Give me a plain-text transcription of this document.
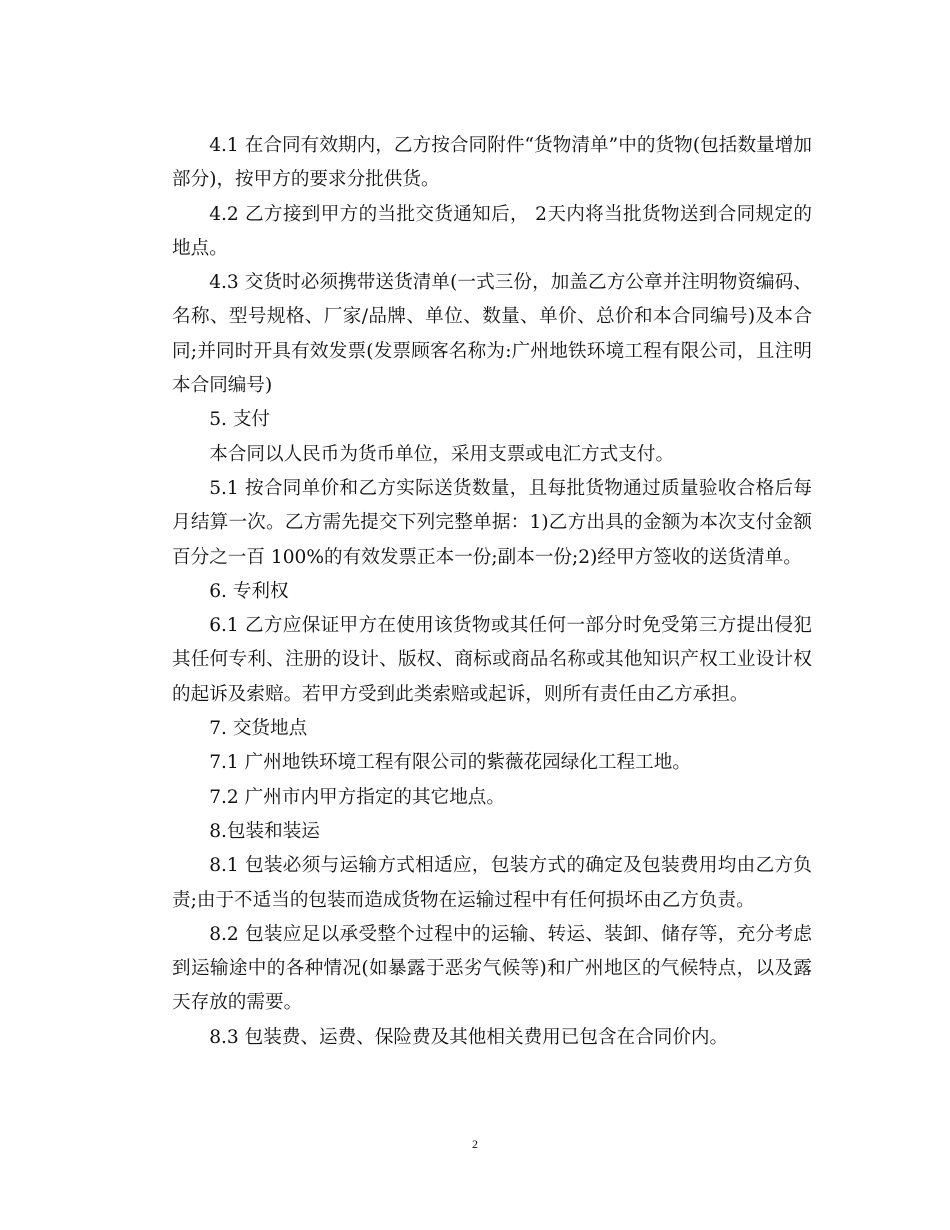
4.1 在合同有效期内，乙方按合同附件“货物清单”中的货物(包括数量增加部分)，按甲方的要求分批供货。

4.2 乙方接到甲方的当批交货通知后， 2天内将当批货物送到合同规定的地点。

4.3 交货时必须携带送货清单(一式三份，加盖乙方公章并注明物资编码、名称、型号规格、厂家/品牌、单位、数量、单价、总价和本合同编号)及本合同;并同时开具有效发票(发票顾客名称为:广州地铁环境工程有限公司，且注明本合同编号)

5. 支付

本合同以人民币为货币单位，采用支票或电汇方式支付。

5.1 按合同单价和乙方实际送货数量，且每批货物通过质量验收合格后每月结算一次。乙方需先提交下列完整单据：1)乙方出具的金额为本次支付金额百分之一百 100%的有效发票正本一份;副本一份;2)经甲方签收的送货清单。

6. 专利权

6.1 乙方应保证甲方在使用该货物或其任何一部分时免受第三方提出侵犯其任何专利、注册的设计、版权、商标或商品名称或其他知识产权工业设计权的起诉及索赔。若甲方受到此类索赔或起诉，则所有责任由乙方承担。

7. 交货地点

7.1 广州地铁环境工程有限公司的紫薇花园绿化工程工地。

7.2 广州市内甲方指定的其它地点。

8.包装和装运

8.1 包装必须与运输方式相适应，包装方式的确定及包装费用均由乙方负责;由于不适当的包装而造成货物在运输过程中有任何损坏由乙方负责。

8.2 包装应足以承受整个过程中的运输、转运、装卸、储存等，充分考虑到运输途中的各种情况(如暴露于恶劣气候等)和广州地区的气候特点，以及露天存放的需要。

8.3 包装费、运费、保险费及其他相关费用已包含在合同价内。

2
